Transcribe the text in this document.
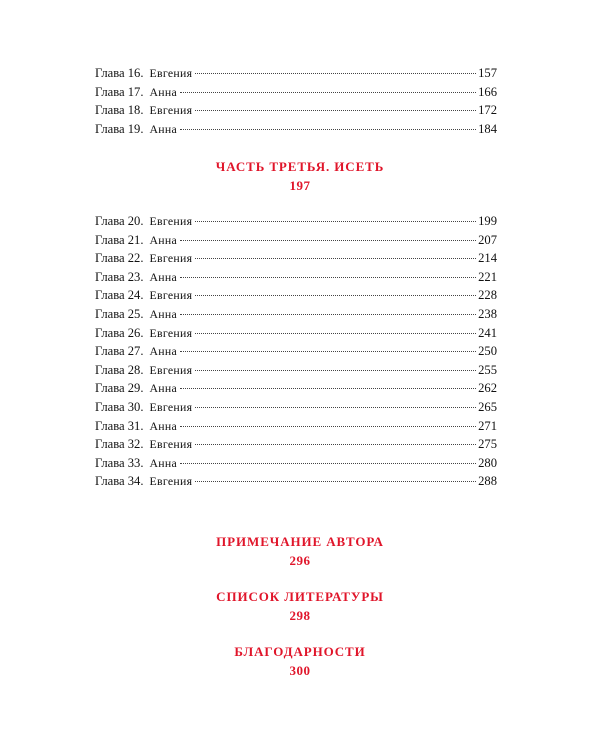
Глава 16. Евгения	157
Глава 17. Анна	166
Глава 18. Евгения	172
Глава 19. Анна	184
ЧАСТЬ ТРЕТЬЯ. ИСЕТЬ
197
Глава 20. Евгения	199
Глава 21. Анна	207
Глава 22. Евгения	214
Глава 23. Анна	221
Глава 24. Евгения	228
Глава 25. Анна	238
Глава 26. Евгения	241
Глава 27. Анна	250
Глава 28. Евгения	255
Глава 29. Анна	262
Глава 30. Евгения	265
Глава 31. Анна	271
Глава 32. Евгения	275
Глава 33. Анна	280
Глава 34. Евгения	288
ПРИМЕЧАНИЕ АВТОРА
296
СПИСОК ЛИТЕРАТУРЫ
298
БЛАГОДАРНОСТИ
300
